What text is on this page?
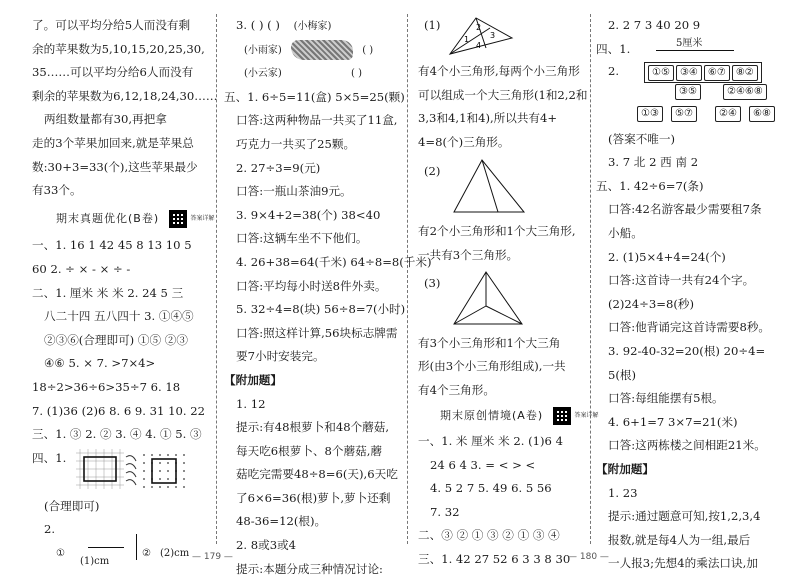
了。可以平均分给5人而没有剩

余的苹果数为5,10,15,20,25,30,

35……可以平均分给6人而没有

剩余的苹果数为6,12,18,24,30……

两组数量都有30,再把拿

走的3个苹果加回来,就是苹果总

数:30+3=33(个),这些苹果最少

有33个。

期末真题优化(B卷)	答案详解

一、1. 16 1 42 45 8 13 10 5

60 2. ÷ × - × ÷ -

二、1. 厘米 米 米 2. 24 5 三

八二十四 五八四十 3. ①④⑤

②③⑥(合理即可) ①⑤ ②③

④⑥ 5. × 7. >7×4>

18÷2>36÷6>35÷7 6. 18

7. (1)36 (2)6 8. 6 9. 31 10. 22

三、1. ③ 2. ② 3. ④ 4. ① 5. ③

四、1.

(合理即可)

2.

①
(1)cm
② (2)cm — 179 —

3. ( ) ( ) (小梅家)

(小雨家)	( )

(小云家)	( )

五、1. 6÷5=11(盒) 5×5=25(颗)

口答:这两种物品一共买了11盒,

巧克力一共买了25颗。

2. 27÷3=9(元)

口答:一瓶山茶油9元。

3. 9×4+2=38(个) 38<40

口答:这辆车坐不下他们。

4. 26+38=64(千米) 64÷8=8(千米)

口答:平均每小时送8件外卖。

5. 32÷4=8(块) 56÷8=7(小时)

口答:照这样计算,56块标志牌需

要7小时安装完。

【附加题】

1. 12

提示:有48根萝卜和48个蘑菇,

每天吃6根萝卜、8个蘑菇,蘑

菇吃完需要48÷8=6(天),6天吃

了6×6=36(根)萝卜,萝卜还剩

48-36=12(根)。

2. 8或3或4

提示:本题分成三种情况讨论:

(1)
1
2
3
4

有4个小三角形,每两个小三角形

可以组成一个大三角形(1和2,2和

3,3和4,1和4),所以共有4+

4=8(个)三角形。

(2)

有2个小三角形和1个大三角形,

一共有3个三角形。

(3)

有3个小三角形和1个大三角

形(由3个小三角形组成),一共

有4个三角形。

期末原创情境(A卷)	答案详解

一、1. 米 厘米 米 2. (1)6 4

24 6 4 3. = < > <

4. 5 2 7 5. 49 6. 5 56

7. 32

二、③ ② ① ③ ② ① ③ ④

三、1. 42 27 52 6 3 3 8 30

2. 2 7 3 40 20 9

四、1.	5厘米
2.	①⑤ ③④ ⑥⑦ ⑧②
③⑤	②④⑥⑧
①③	⑤⑦	②④	⑥⑧

(答案不唯一)

3. 7 北 2 西 南 2

五、1. 42÷6=7(条)

口答:42名游客最少需要租7条

小船。

2. (1)5×4+4=24(个)

口答:这首诗一共有24个字。

(2)24÷3=8(秒)

口答:他背诵完这首诗需要8秒。

3. 92-40-32=20(根) 20÷4=

5(根)

口答:每组能摆有5根。

4. 6+1=7 3×7=21(米)

口答:这两栋楼之间相距21米。

【附加题】

1. 23

提示:通过题意可知,按1,2,3,4

报数,就是每4人为一组,最后

一人报3;先想4的乘法口诀,加

— 180 —
